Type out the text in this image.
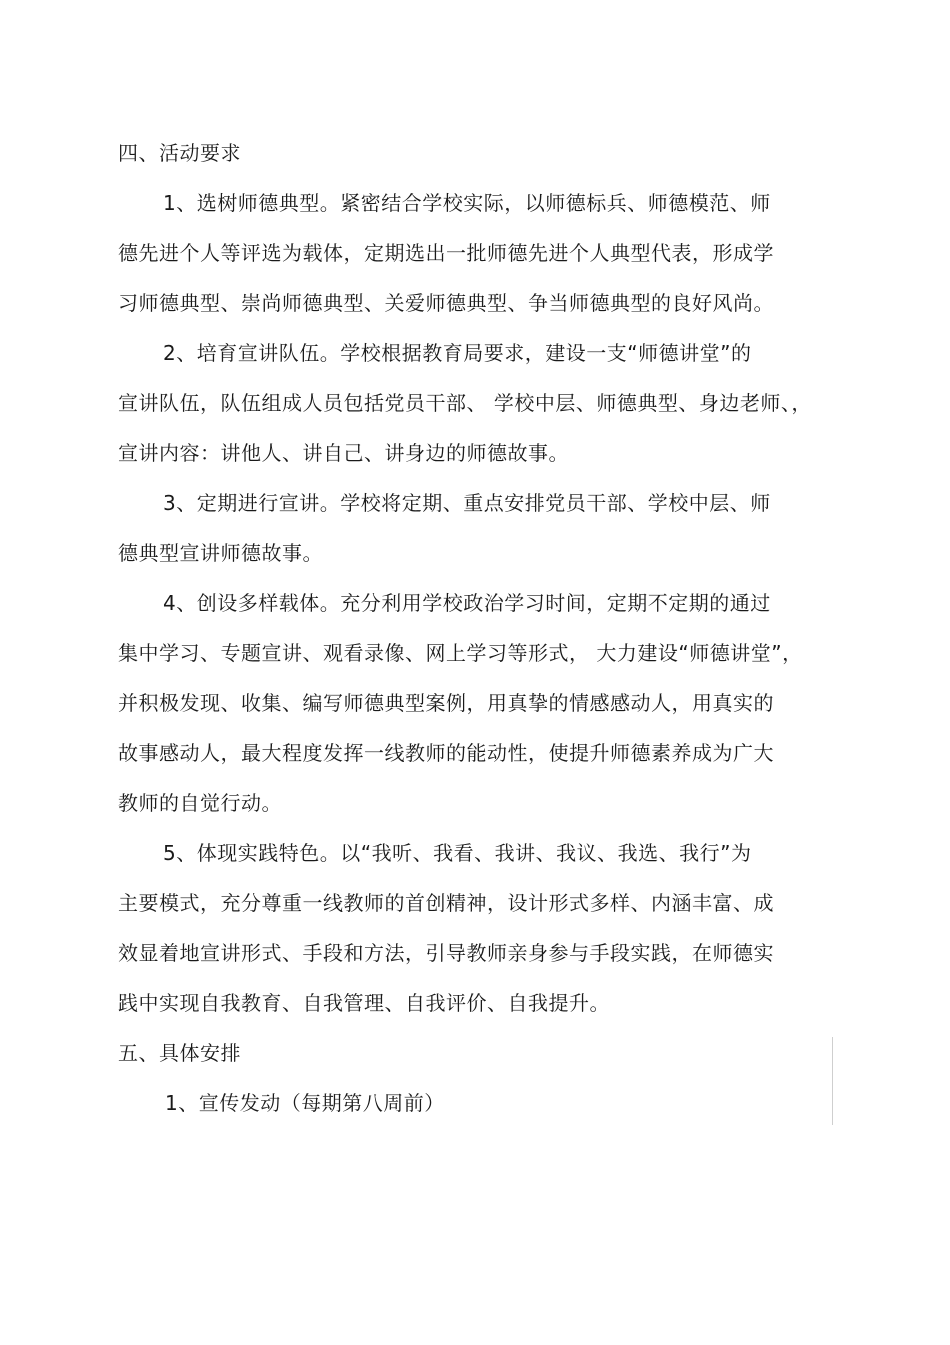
四、活动要求
1、选树师德典型。紧密结合学校实际，以师德标兵、师德模范、师
德先进个人等评选为载体，定期选出一批师德先进个人典型代表，形成学
习师德典型、崇尚师德典型、关爱师德典型、争当师德典型的良好风尚。
2、培育宣讲队伍。学校根据教育局要求，建设一支“师德讲堂”的
宣讲队伍，队伍组成人员包括党员干部、 学校中层、师德典型、身边老师、，
宣讲内容：讲他人、讲自己、讲身边的师德故事。
3、定期进行宣讲。学校将定期、重点安排党员干部、学校中层、师
德典型宣讲师德故事。
4、创设多样载体。充分利用学校政治学习时间，定期不定期的通过
集中学习、专题宣讲、观看录像、网上学习等形式， 大力建设“师德讲堂”，
并积极发现、收集、编写师德典型案例，用真挚的情感感动人，用真实的
故事感动人，最大程度发挥一线教师的能动性，使提升师德素养成为广大
教师的自觉行动。
5、体现实践特色。以“我听、我看、我讲、我议、我选、我行”为
主要模式，充分尊重一线教师的首创精神，设计形式多样、内涵丰富、成
效显着地宣讲形式、手段和方法，引导教师亲身参与手段实践，在师德实
践中实现自我教育、自我管理、自我评价、自我提升。
五、具体安排
1、宣传发动（每期第八周前）
